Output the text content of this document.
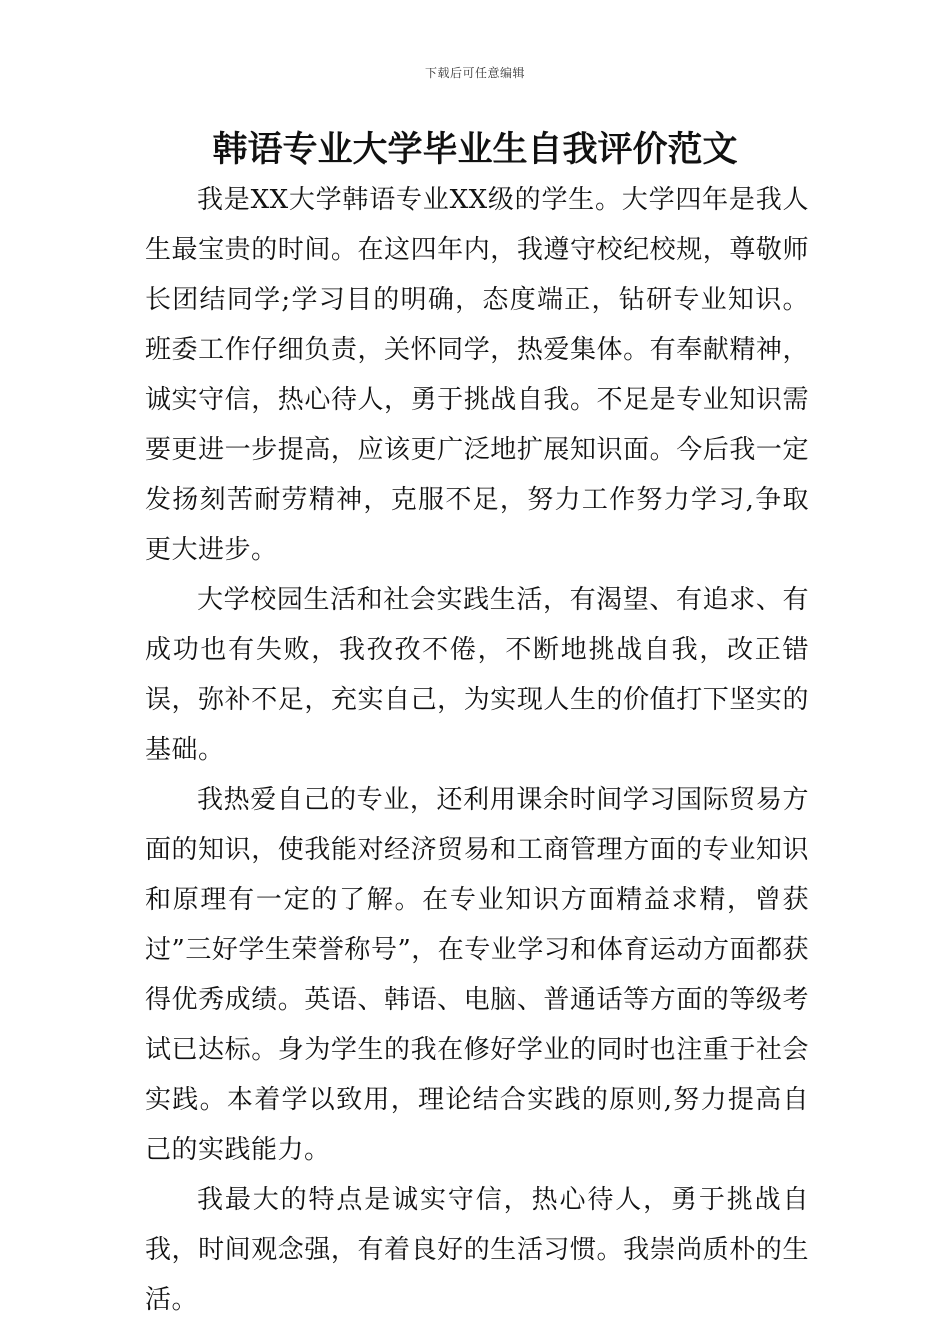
下载后可任意编辑
韩语专业大学毕业生自我评价范文

我是XX大学韩语专业XX级的学生。大学四年是我人生最宝贵的时间。在这四年内，我遵守校纪校规，尊敬师长团结同学;学习目的明确，态度端正，钻研专业知识。班委工作仔细负责，关怀同学，热爱集体。有奉献精神，诚实守信，热心待人，勇于挑战自我。不足是专业知识需要更进一步提高，应该更广泛地扩展知识面。今后我一定发扬刻苦耐劳精神，克服不足，努力工作努力学习,争取更大进步。

大学校园生活和社会实践生活，有渴望、有追求、有成功也有失败，我孜孜不倦，不断地挑战自我，改正错误，弥补不足，充实自己，为实现人生的价值打下坚实的基础。

我热爱自己的专业，还利用课余时间学习国际贸易方面的知识，使我能对经济贸易和工商管理方面的专业知识和原理有一定的了解。在专业知识方面精益求精，曾获过”三好学生荣誉称号”，在专业学习和体育运动方面都获得优秀成绩。英语、韩语、电脑、普通话等方面的等级考试已达标。身为学生的我在修好学业的同时也注重于社会实践。本着学以致用，理论结合实践的原则,努力提高自己的实践能力。

我最大的特点是诚实守信，热心待人，勇于挑战自我，时间观念强，有着良好的生活习惯。我崇尚质朴的生活。
